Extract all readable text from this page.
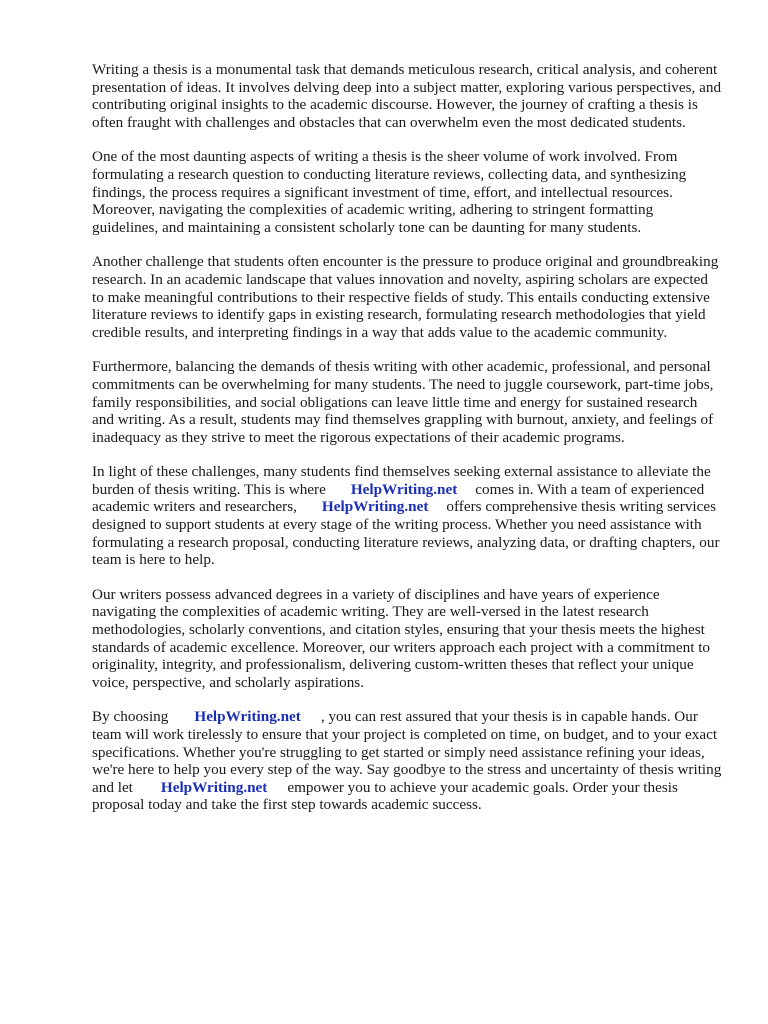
Writing a thesis is a monumental task that demands meticulous research, critical analysis, and coherent presentation of ideas. It involves delving deep into a subject matter, exploring various perspectives, and contributing original insights to the academic discourse. However, the journey of crafting a thesis is often fraught with challenges and obstacles that can overwhelm even the most dedicated students.

One of the most daunting aspects of writing a thesis is the sheer volume of work involved. From formulating a research question to conducting literature reviews, collecting data, and synthesizing findings, the process requires a significant investment of time, effort, and intellectual resources. Moreover, navigating the complexities of academic writing, adhering to stringent formatting guidelines, and maintaining a consistent scholarly tone can be daunting for many students.

Another challenge that students often encounter is the pressure to produce original and groundbreaking research. In an academic landscape that values innovation and novelty, aspiring scholars are expected to make meaningful contributions to their respective fields of study. This entails conducting extensive literature reviews to identify gaps in existing research, formulating research methodologies that yield credible results, and interpreting findings in a way that adds value to the academic community.

Furthermore, balancing the demands of thesis writing with other academic, professional, and personal commitments can be overwhelming for many students. The need to juggle coursework, part-time jobs, family responsibilities, and social obligations can leave little time and energy for sustained research and writing. As a result, students may find themselves grappling with burnout, anxiety, and feelings of inadequacy as they strive to meet the rigorous expectations of their academic programs.

In light of these challenges, many students find themselves seeking external assistance to alleviate the burden of thesis writing. This is where HelpWriting.net comes in. With a team of experienced academic writers and researchers, HelpWriting.net offers comprehensive thesis writing services designed to support students at every stage of the writing process. Whether you need assistance with formulating a research proposal, conducting literature reviews, analyzing data, or drafting chapters, our team is here to help.

Our writers possess advanced degrees in a variety of disciplines and have years of experience navigating the complexities of academic writing. They are well-versed in the latest research methodologies, scholarly conventions, and citation styles, ensuring that your thesis meets the highest standards of academic excellence. Moreover, our writers approach each project with a commitment to originality, integrity, and professionalism, delivering custom-written theses that reflect your unique voice, perspective, and scholarly aspirations.

By choosing HelpWriting.net , you can rest assured that your thesis is in capable hands. Our team will work tirelessly to ensure that your project is completed on time, on budget, and to your exact specifications. Whether you're struggling to get started or simply need assistance refining your ideas, we're here to help you every step of the way. Say goodbye to the stress and uncertainty of thesis writing and let HelpWriting.net empower you to achieve your academic goals. Order your thesis proposal today and take the first step towards academic success.
